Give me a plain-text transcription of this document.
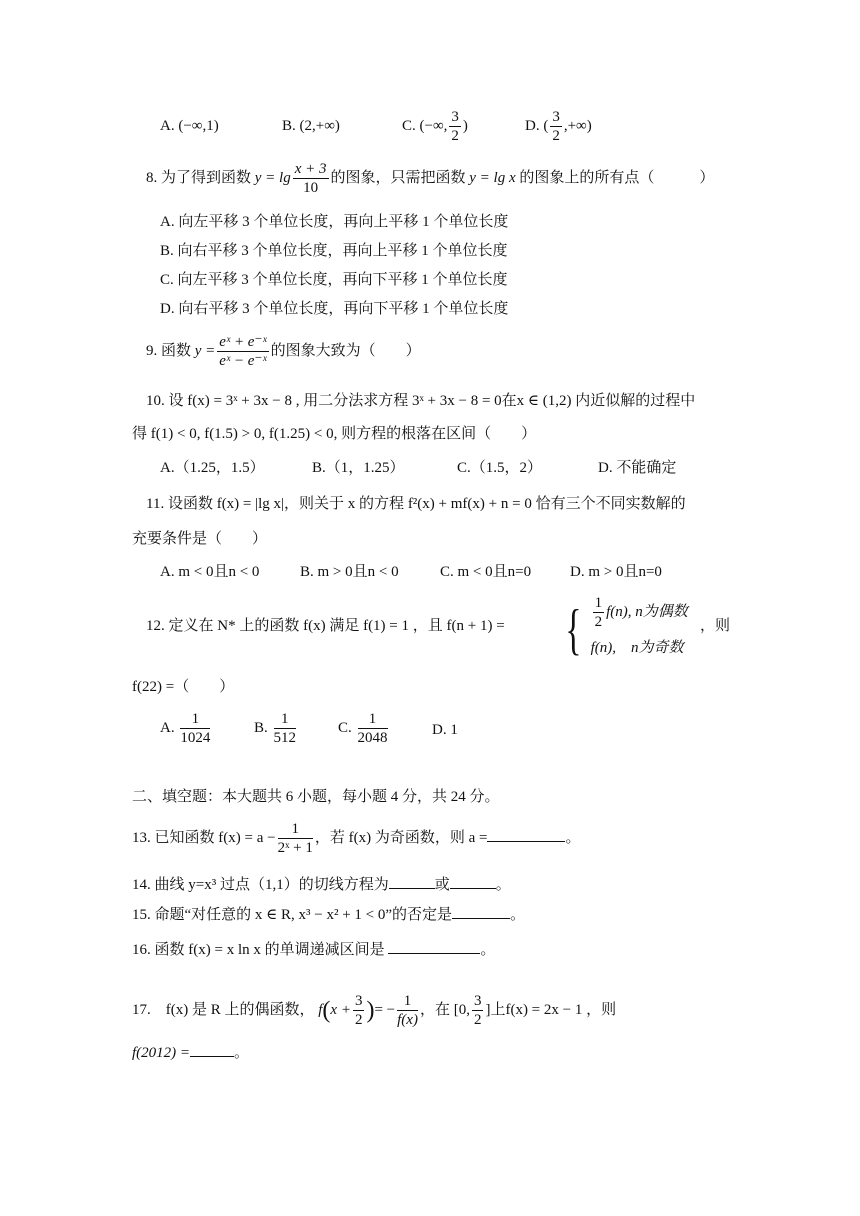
A. (−∞,1)	B. (2,+∞)	C. (−∞, $\frac{3}{2}$ )	D. ( $\frac{3}{2}$ ,+∞)
8. 为了得到函数 $y = \lg \frac{x + 3}{10}$ 的图象，只需把函数 y = lg x 的图象上的所有点（　　　）
A. 向左平移 3 个单位长度，再向上平移 1 个单位长度
B. 向右平移 3 个单位长度，再向上平移 1 个单位长度
C. 向左平移 3 个单位长度，再向下平移 1 个单位长度
D. 向右平移 3 个单位长度，再向下平移 1 个单位长度
9. 函数 $y = \frac{\text{eˣ + e⁻ˣ}}{\text{eˣ − e⁻ˣ}}$ 的图象大致为（　　）
10. 设 f(x) = 3ˣ + 3x − 8 , 用二分法求方程 3ˣ + 3x − 8 = 0在x ∈ (1,2) 内近似解的过程中
得 f(1) < 0, f(1.5) > 0, f(1.25) < 0, 则方程的根落在区间（　　）
A.（1.25，1.5）	B.（1，1.25）	C.（1.5，2）	D. 不能确定
11. 设函数 f(x) = |lg x|，则关于 x 的方程 f²(x) + mf(x) + n = 0 恰有三个不同实数解的
充要条件是（　　）
A. m < 0且n < 0	B. m > 0且n < 0	C. m < 0且n=0	D. m > 0且n=0
12. 定义在 N* 上的函数 f(x) 满足 f(1) = 1 ，且 f(n + 1) = { $\frac{1}{2} f(n)$, n为偶数
f(n),　n为奇数
，则
f(22) =（　　）
A. $\frac{1}{1024}$	B. $\frac{1}{512}$	C. $\frac{1}{2048}$	D. 1
二、填空题：本大题共 6 小题，每小题 4 分，共 24 分。
13. 已知函数 $f(x) = a - \frac{1}{\text{2ˣ + 1}}$ ，若 f(x) 为奇函数，则 a =	。
14. 曲线 y=x³ 过点（1,1）的切线方程为	或	。
15. 命题“对任意的 x ∈ R, x³ − x² + 1 < 0”的否定是	。
16. 函数 f(x) = x ln x 的单调递减区间是	。
17.　f(x) 是 R 上的偶函数， $f(x + \frac{3}{2}$ )= − $\frac{1}{f(x)}$ ，在 [0, $\frac{3}{2}$ ]上f(x) = 2x − 1 ，则
f(2012) =	。
